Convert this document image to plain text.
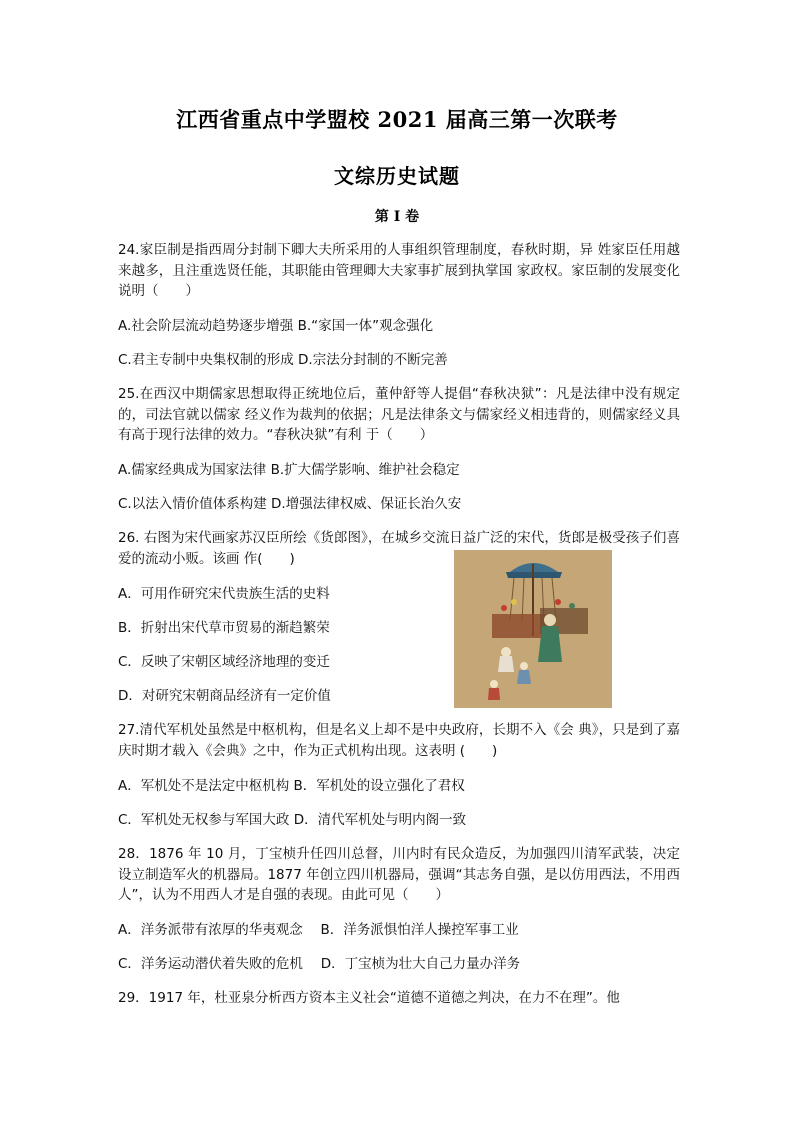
江西省重点中学盟校 2021 届高三第一次联考
文综历史试题
第 I 卷
24.家臣制是指西周分封制下卿大夫所采用的人事组织管理制度，春秋时期，异 姓家臣任用越来越多，且注重选贤任能，其职能由管理卿大夫家事扩展到执掌国 家政权。家臣制的发展变化说明（　　）
A.社会阶层流动趋势逐步增强 B.“家国一体”观念强化
C.君主专制中央集权制的形成 D.宗法分封制的不断完善
25.在西汉中期儒家思想取得正统地位后，董仲舒等人提倡“春秋决狱”：凡是法律中没有规定的，司法官就以儒家 经义作为裁判的依据；凡是法律条文与儒家经义相违背的，则儒家经义具有高于现行法律的效力。“春秋决狱”有利 于（　　）
A.儒家经典成为国家法律 B.扩大儒学影响、维护社会稳定
C.以法入情价值体系构建 D.增强法律权威、保证长治久安
26. 右图为宋代画家苏汉臣所绘《货郎图》，在城乡交流日益广泛的宋代，货郎是极受孩子们喜爱的流动小贩。该画 作(　　)
A．可用作研究宋代贵族生活的史料
B．折射出宋代草市贸易的渐趋繁荣
C．反映了宋朝区域经济地理的变迁
D．对研究宋朝商品经济有一定价值
27.清代军机处虽然是中枢机构，但是名义上却不是中央政府，长期不入《会 典》，只是到了嘉庆时期才载入《会典》之中，作为正式机构出现。这表明 (　　)
A．军机处不是法定中枢机构 B．军机处的设立强化了君权
C．军机处无权参与军国大政 D．清代军机处与明内阁一致
28．1876 年 10 月，丁宝桢升任四川总督，川内时有民众造反，为加强四川清军武装，决定设立制造军火的机器局。1877 年创立四川机器局，强调“其志务自强，是以仿用西法，不用西人”，认为不用西人才是自强的表现。由此可见（　　）
A．洋务派带有浓厚的华夷观念　 B．洋务派惧怕洋人操控军事工业
C．洋务运动潜伏着失败的危机　 D．丁宝桢为壮大自己力量办洋务
29．1917 年，杜亚泉分析西方资本主义社会“道德不道德之判决，在力不在理”。他
